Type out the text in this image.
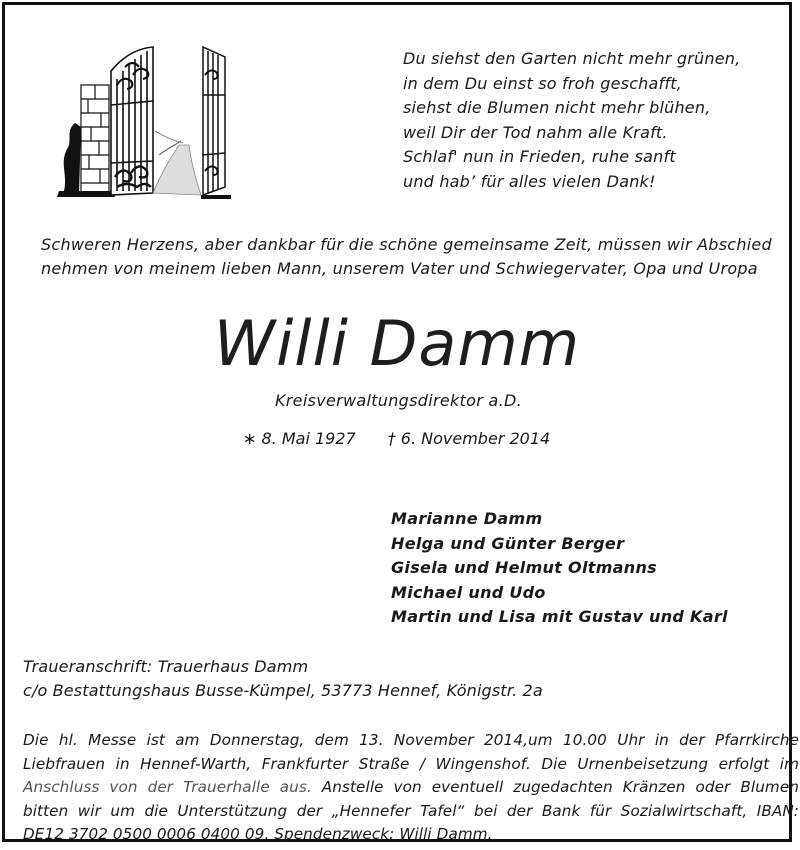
Du siehst den Garten nicht mehr grünen,
in dem Du einst so froh geschafft,
siehst die Blumen nicht mehr blühen,
weil Dir der Tod nahm alle Kraft.
Schlaf' nun in Frieden, ruhe sanft
und hab’ für alles vielen Dank!
Schweren Herzens, aber dankbar für die schöne gemeinsame Zeit, müssen wir Abschied
nehmen von meinem lieben Mann, unserem Vater und Schwiegervater, Opa und Uropa
Willi Damm
Kreisverwaltungsdirektor a.D.
∗ 8. Mai 1927 † 6. November 2014
Marianne Damm
Helga und Günter Berger
Gisela und Helmut Oltmanns
Michael und Udo
Martin und Lisa mit Gustav und Karl
Traueranschrift: Trauerhaus Damm
c/o Bestattungshaus Busse-Kümpel, 53773 Hennef, Königstr. 2a
Die hl. Messe ist am Donnerstag, dem 13. November 2014,um 10.00 Uhr in der Pfarrkirche
Liebfrauen in Hennef-Warth, Frankfurter Straße / Wingenshof. Die Urnenbeisetzung erfolgt im
Anschluss von der Trauerhalle aus. Anstelle von eventuell zugedachten Kränzen oder Blumen
bitten wir um die Unterstützung der „Hennefer Tafel“ bei der Bank für Sozialwirtschaft, IBAN:
DE12 3702 0500 0006 0400 09, Spendenzweck: Willi Damm.
